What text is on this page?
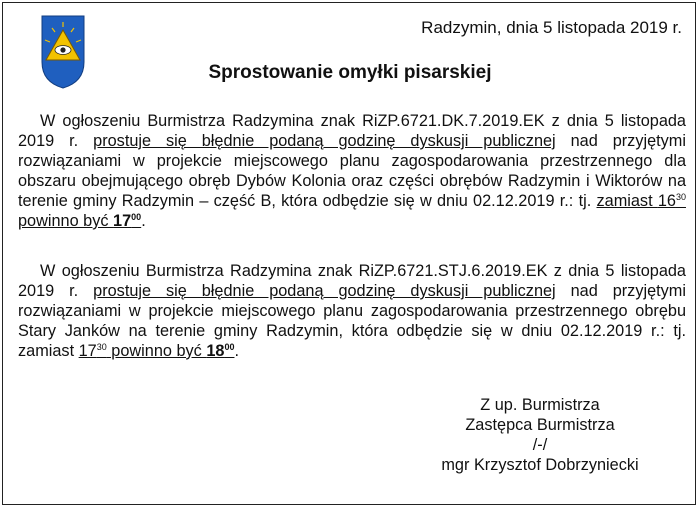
Radzymin, dnia 5 listopada 2019 r.
Sprostowanie omyłki pisarskiej
W ogłoszeniu Burmistrza Radzymina znak RiZP.6721.DK.7.2019.EK z dnia 5 listopada 2019 r. prostuje się błędnie podaną godzinę dyskusji publicznej nad przyjętymi rozwiązaniami w projekcie miejscowego planu zagospodarowania przestrzennego dla obszaru obejmującego obręb Dybów Kolonia oraz części obrębów Radzymin i Wiktorów na terenie gminy Radzymin – część B, która odbędzie się w dniu 02.12.2019 r.: tj. zamiast $16^{30}$ powinno być $17^{00}$.
W ogłoszeniu Burmistrza Radzymina znak RiZP.6721.STJ.6.2019.EK z dnia 5 listopada 2019 r. prostuje się błędnie podaną godzinę dyskusji publicznej nad przyjętymi rozwiązaniami w projekcie miejscowego planu zagospodarowania przestrzennego obrębu Stary Janków na terenie gminy Radzymin, która odbędzie się w dniu 02.12.2019 r.: tj. zamiast $17^{30}$ powinno być $18^{00}$.
Z up. Burmistrza
Zastępca Burmistrza
/-/
mgr Krzysztof Dobrzyniecki
